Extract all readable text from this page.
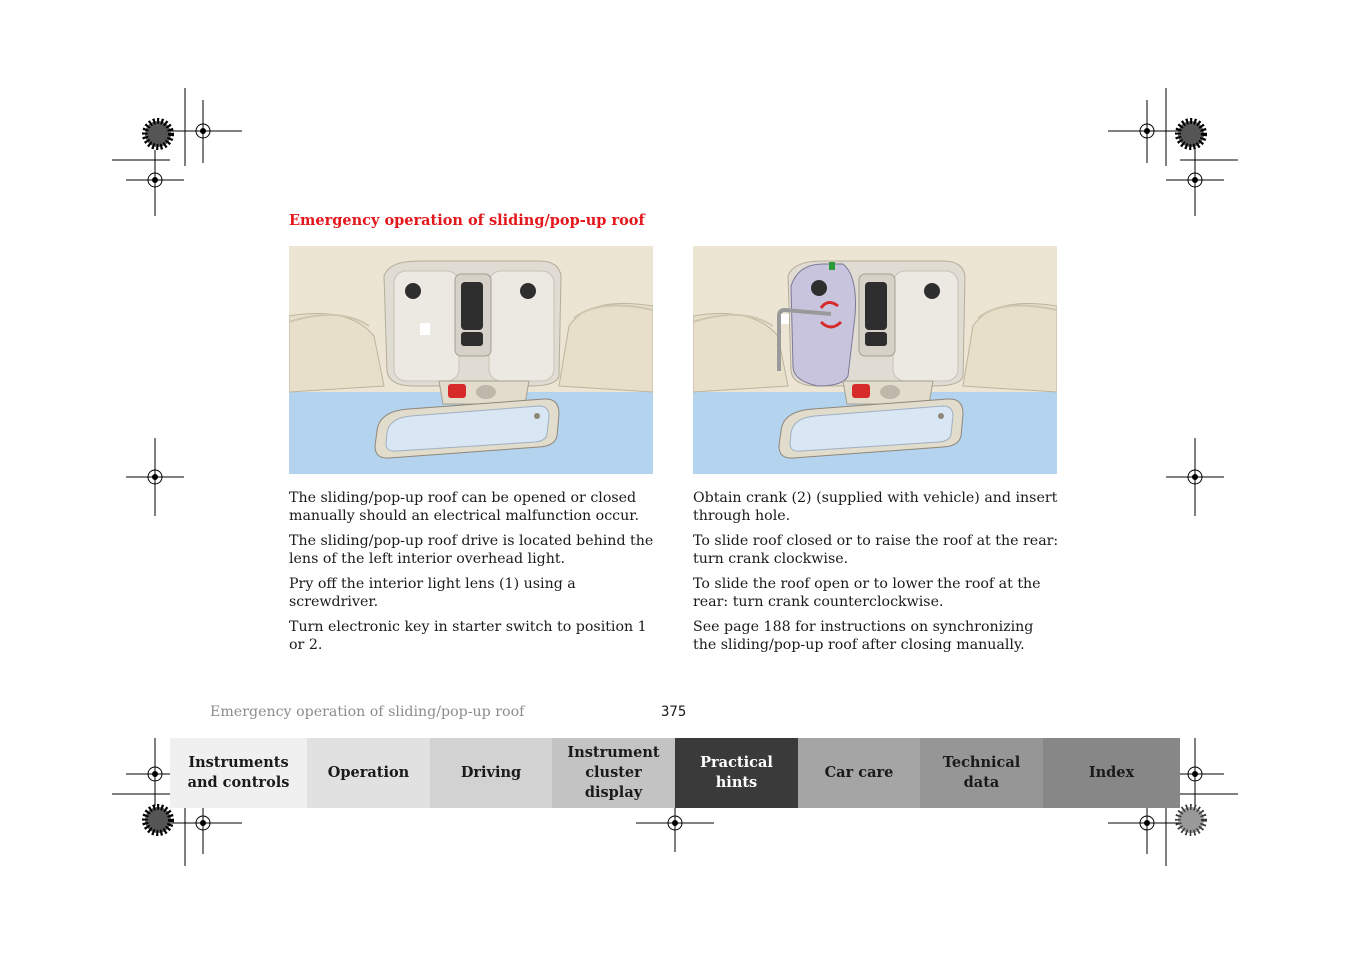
Emergency operation of sliding/pop-up roof

The sliding/pop-up roof can be opened or closed manually should an electrical malfunction occur.

The sliding/pop-up roof drive is located behind the lens of the left interior overhead light.

Pry off the interior light lens (1) using a screwdriver.

Turn electronic key in starter switch to position 1 or 2.

Obtain crank (2) (supplied with vehicle) and insert through hole.

To slide roof closed or to raise the roof at the rear: turn crank clockwise.

To slide the roof open or to lower the roof at the rear: turn crank counterclockwise.

See page 188 for instructions on synchronizing the sliding/pop-up roof after closing manually.

Emergency operation of sliding/pop-up roof	375
Instruments
and controls
Operation	Driving
Instrument
cluster display
Practical hints
Car care
Technical
data
Index
